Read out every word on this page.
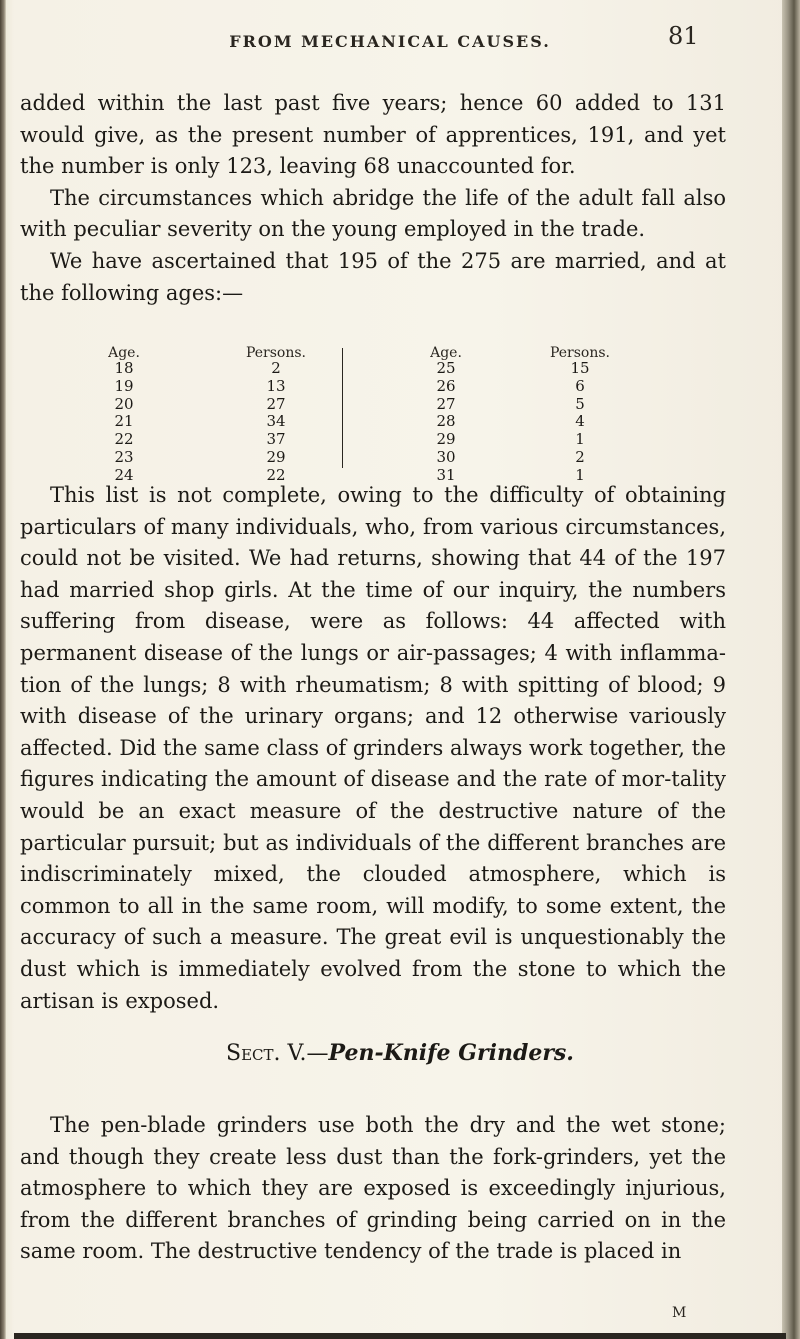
FROM MECHANICAL CAUSES.	81

added within the last past five years; hence 60 added to 131 would give, as the present number of apprentices, 191, and yet the number is only 123, leaving 68 unaccounted for.

The circumstances which abridge the life of the adult fall also with peculiar severity on the young employed in the trade.

We have ascertained that 195 of the 275 are married, and at the following ages:—

Age.
18
19
20
21
22
23
24
Persons.
2
13
27
34
37
29
22
Age.
25
26
27
28
29
30
31
Persons.
15
6
5
4
1
2
1

This list is not complete, owing to the difficulty of obtaining particulars of many individuals, who, from various circumstances, could not be visited. We had returns, showing that 44 of the 197 had married shop girls. At the time of our inquiry, the numbers suffering from disease, were as follows: 44 affected with permanent disease of the lungs or air-passages; 4 with inflamma-tion of the lungs; 8 with rheumatism; 8 with spitting of blood; 9 with disease of the urinary organs; and 12 otherwise variously affected. Did the same class of grinders always work together, the figures indicating the amount of disease and the rate of mor-tality would be an exact measure of the destructive nature of the particular pursuit; but as individuals of the different branches are indiscriminately mixed, the clouded atmosphere, which is common to all in the same room, will modify, to some extent, the accuracy of such a measure. The great evil is unquestionably the dust which is immediately evolved from the stone to which the artisan is exposed.

Sect. V.—Pen-Knife Grinders.

The pen-blade grinders use both the dry and the wet stone; and though they create less dust than the fork-grinders, yet the atmosphere to which they are exposed is exceedingly injurious, from the different branches of grinding being carried on in the same room. The destructive tendency of the trade is placed in

M
